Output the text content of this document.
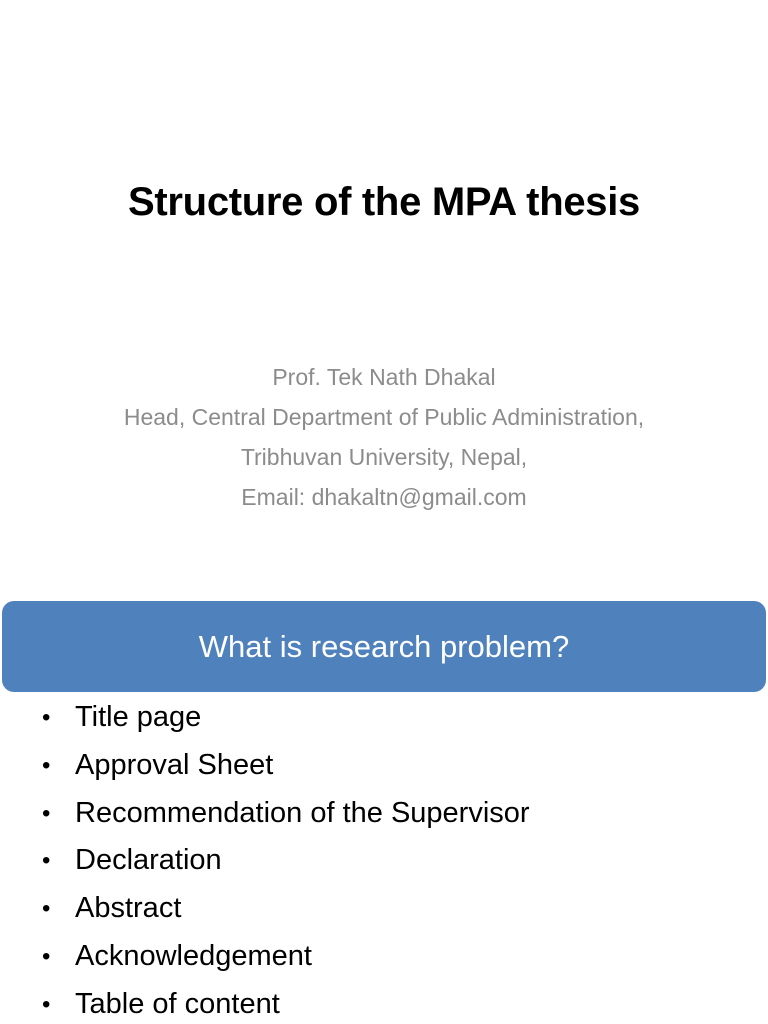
Structure of the MPA thesis
Prof. Tek Nath Dhakal
Head, Central Department of Public Administration,
Tribhuvan University, Nepal,
Email: dhakaltn@gmail.com
What is research problem?
• Title page
• Approval Sheet
• Recommendation of the Supervisor
• Declaration
• Abstract
• Acknowledgement
• Table of content
